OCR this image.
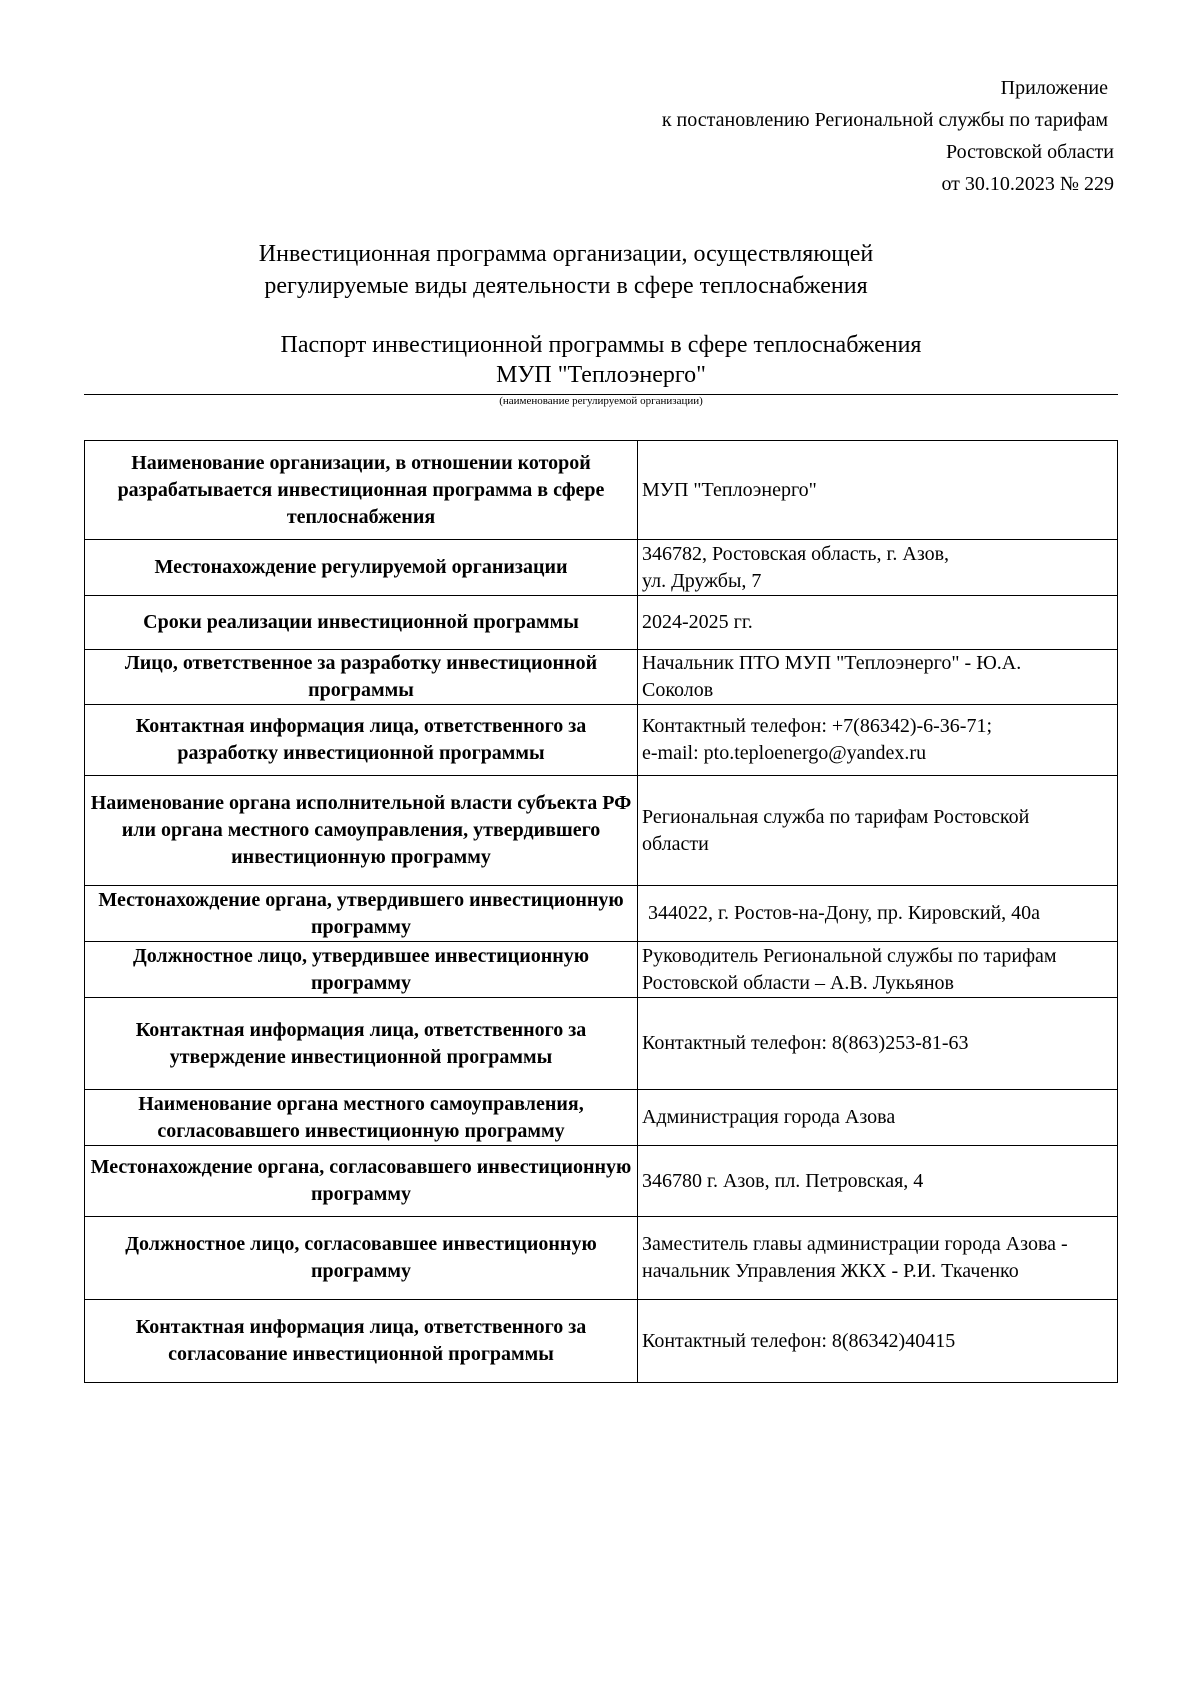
Приложение
к постановлению Региональной службы по тарифам
Ростовской области
от 30.10.2023 № 229
Инвестиционная программа организации, осуществляющей
регулируемые виды деятельности в сфере теплоснабжения
Паспорт инвестиционной программы в сфере теплоснабжения
МУП "Теплоэнерго"
(наименование регулируемой организации)
Наименование организации, в отношении которой разрабатывается инвестиционная программа в сфере теплоснабжения	МУП "Теплоэнерго"
Местонахождение регулируемой организации	346782, Ростовская область, г. Азов,
ул. Дружбы, 7

Сроки реализации инвестиционной программы	2024-2025 гг.
Лицо, ответственное за разработку инвестиционной программы	Начальник ПТО МУП "Теплоэнерго" - Ю.А.
Соколов

Контактная информация лица, ответственного за разработку инвестиционной программы	Контактный телефон: +7(86342)-6-36-71;
e-mail: pto.teploenergo@yandex.ru

Наименование органа исполнительной власти субъекта РФ или органа местного самоуправления, утвердившего инвестиционную программу	Региональная служба по тарифам Ростовской
области

Местонахождение органа, утвердившего инвестиционную программу	344022, г. Ростов-на-Дону, пр. Кировский, 40а
Должностное лицо, утвердившее инвестиционную программу	Руководитель Региональной службы по тарифам
Ростовской области – А.В. Лукьянов

Контактная информация лица, ответственного за утверждение инвестиционной программы	Контактный телефон: 8(863)253-81-63
Наименование органа местного самоуправления, согласовавшего инвестиционную программу	Администрация города Азова
Местонахождение органа, согласовавшего инвестиционную программу	346780 г. Азов, пл. Петровская, 4
Должностное лицо, согласовавшее инвестиционную программу	Заместитель главы администрации города Азова -
начальник Управления ЖКХ - Р.И. Ткаченко

Контактная информация лица, ответственного за согласование инвестиционной программы	Контактный телефон: 8(86342)40415
